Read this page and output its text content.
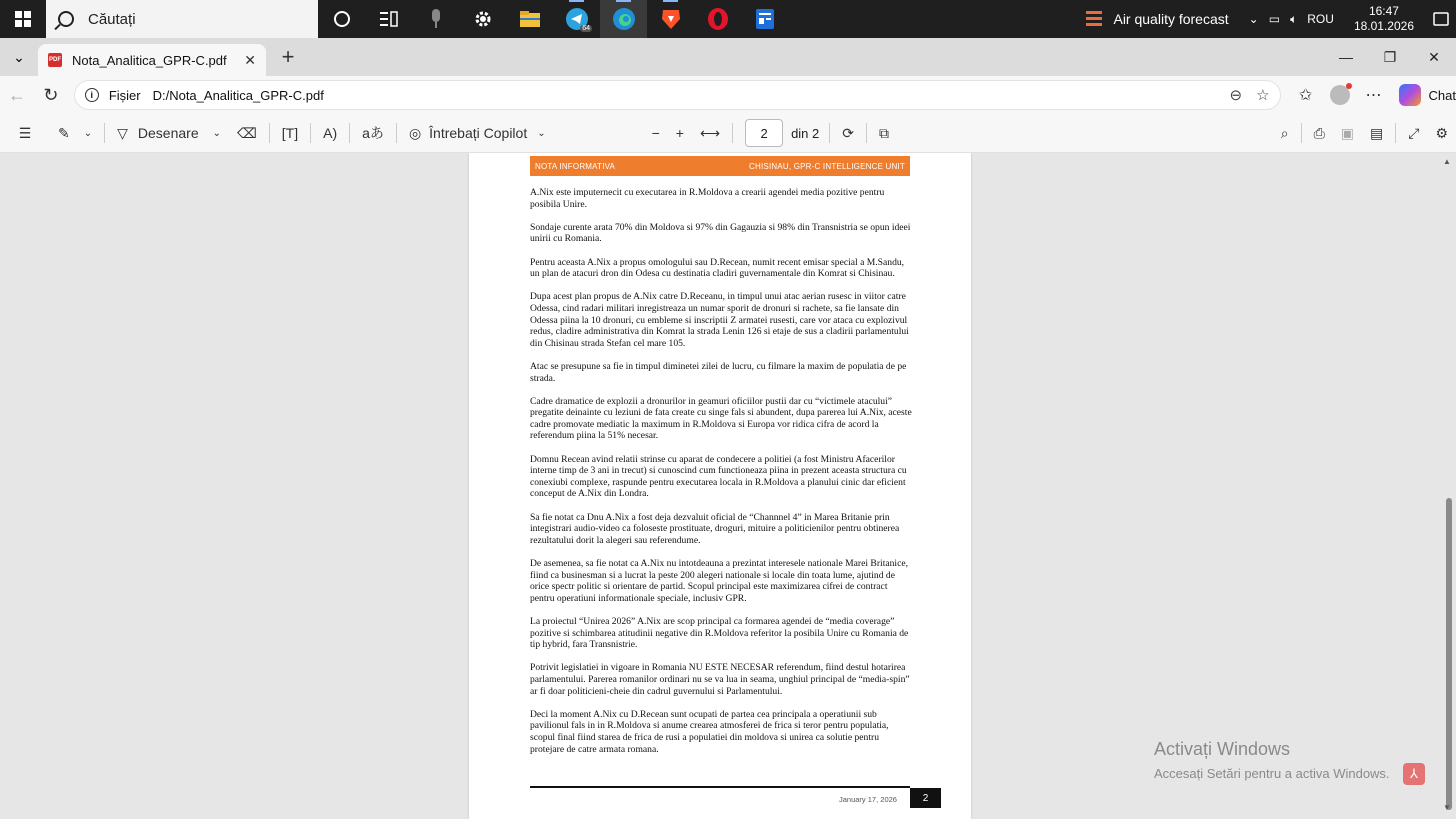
Căutați
64
Air quality forecast ⌄ ▭ 🔈︎ ROU
16:47
18.01.2026
⌄	PDF Nota_Analitica_GPR-C.pdf	✕	+	—	❐	✕
← ↻	i	Fișier D:/Nota_Analitica_GPR-C.pdf	⊖ ☆	✩	⋯	Chat
☰	✎ ⌄ ▽ Desenare ⌄	⌫	[T]	A)	aあ	◎ Întrebați Copilot ⌄	−	+	⟷	2	din 2	⟳	⧉	⌕	⎙	▣	▤	⤢	⚙
NOTA INFORMATIVA	CHISINAU, GPR-C INTELLIGENCE UNIT

A.Nix este imputernecit cu executarea in R.Moldova a crearii agendei media pozitive pentru posibila Unire.

Sondaje curente arata 70% din Moldova si 97% din Gagauzia si 98% din Transnistria se opun ideei unirii cu Romania.

Pentru aceasta A.Nix a propus omologului sau D.Recean, numit recent emisar special a M.Sandu, un plan de atacuri dron din Odesa cu destinatia cladiri guvernamentale din Komrat si Chisinau.

Dupa acest plan propus de A.Nix catre D.Receanu, in timpul unui atac aerian rusesc in viitor catre Odessa, cind radari militari inregistreaza un numar sporit de dronuri si rachete, sa fie lansate din Odessa piina la 10 dronuri, cu embleme si inscriptii Z armatei rusesti, care vor ataca cu explozivul redus, cladire administrativa din Komrat la strada Lenin 126 si etaje de sus a cladirii parlamentului din Chisinau strada Stefan cel mare 105.

Atac se presupune sa fie in timpul diminetei zilei de lucru, cu filmare la maxim de populatia de pe strada.

Cadre dramatice de explozii a dronurilor in geamuri oficiilor pustii dar cu “victimele atacului” pregatite deinainte cu leziuni de fata create cu singe fals si abundent, dupa parerea lui A.Nix, aceste cadre promovate mediatic la maximum in R.Moldova si Europa vor ridica cifra de acord la referendum piina la 51% necesar.

Domnu Recean avind relatii strinse cu aparat de condecere a politiei (a fost Ministru Afacerilor interne timp de 3 ani in trecut) si cunoscind cum functioneaza piina in prezent aceasta structura cu conexiubi complexe, raspunde pentru executarea locala in R.Moldova a planului cinic dar eficient conceput de A.Nix din Londra.

Sa fie notat ca Dnu A.Nix a fost deja dezvaluit oficial de “Channnel 4” in Marea Britanie prin integistrari audio-video ca foloseste prostituate, droguri, mituire a politicienilor pentru obtinerea rezultatului dorit la alegeri sau referendume.

De asemenea, sa fie notat ca A.Nix nu intotdeauna a prezintat interesele nationale Marei Britanice, fiind ca businesman si a lucrat la peste 200 alegeri nationale si locale din toata lume, ajutind de orice spectr politic si orientare de partid. Scopul principal este maximizarea cifrei de contract pentru operatiuni informationale speciale, inclusiv GPR.

La proiectul “Unirea 2026” A.Nix are scop principal ca formarea agendei de “media coverage” pozitive si schimbarea atitudinii negative din R.Moldova referitor la posibila Unire cu Romania de tip hybrid, fara Transnistrie.

Potrivit legislatiei in vigoare in Romania NU ESTE NECESAR referendum, fiind destul hotarirea parlamentului. Parerea romanilor ordinari nu se va lua in seama, unghiul principal de “media-spin” ar fi doar politicieni-cheie din cadrul guvernului si Parlamentului.

Deci la moment A.Nix cu D.Recean sunt ocupati de partea cea principala a operatiunii sub pavilionul fals in in R.Moldova si anume crearea atmosferei de frica si teror pentru populatia, scopul final fiind starea de frica de rusi a populatiei din moldova si unirea ca solutie pentru protejare de catre armata romana.

January 17, 2026	2
▲
▼
Activați Windows
Accesați Setări pentru a activa Windows.	⅄
